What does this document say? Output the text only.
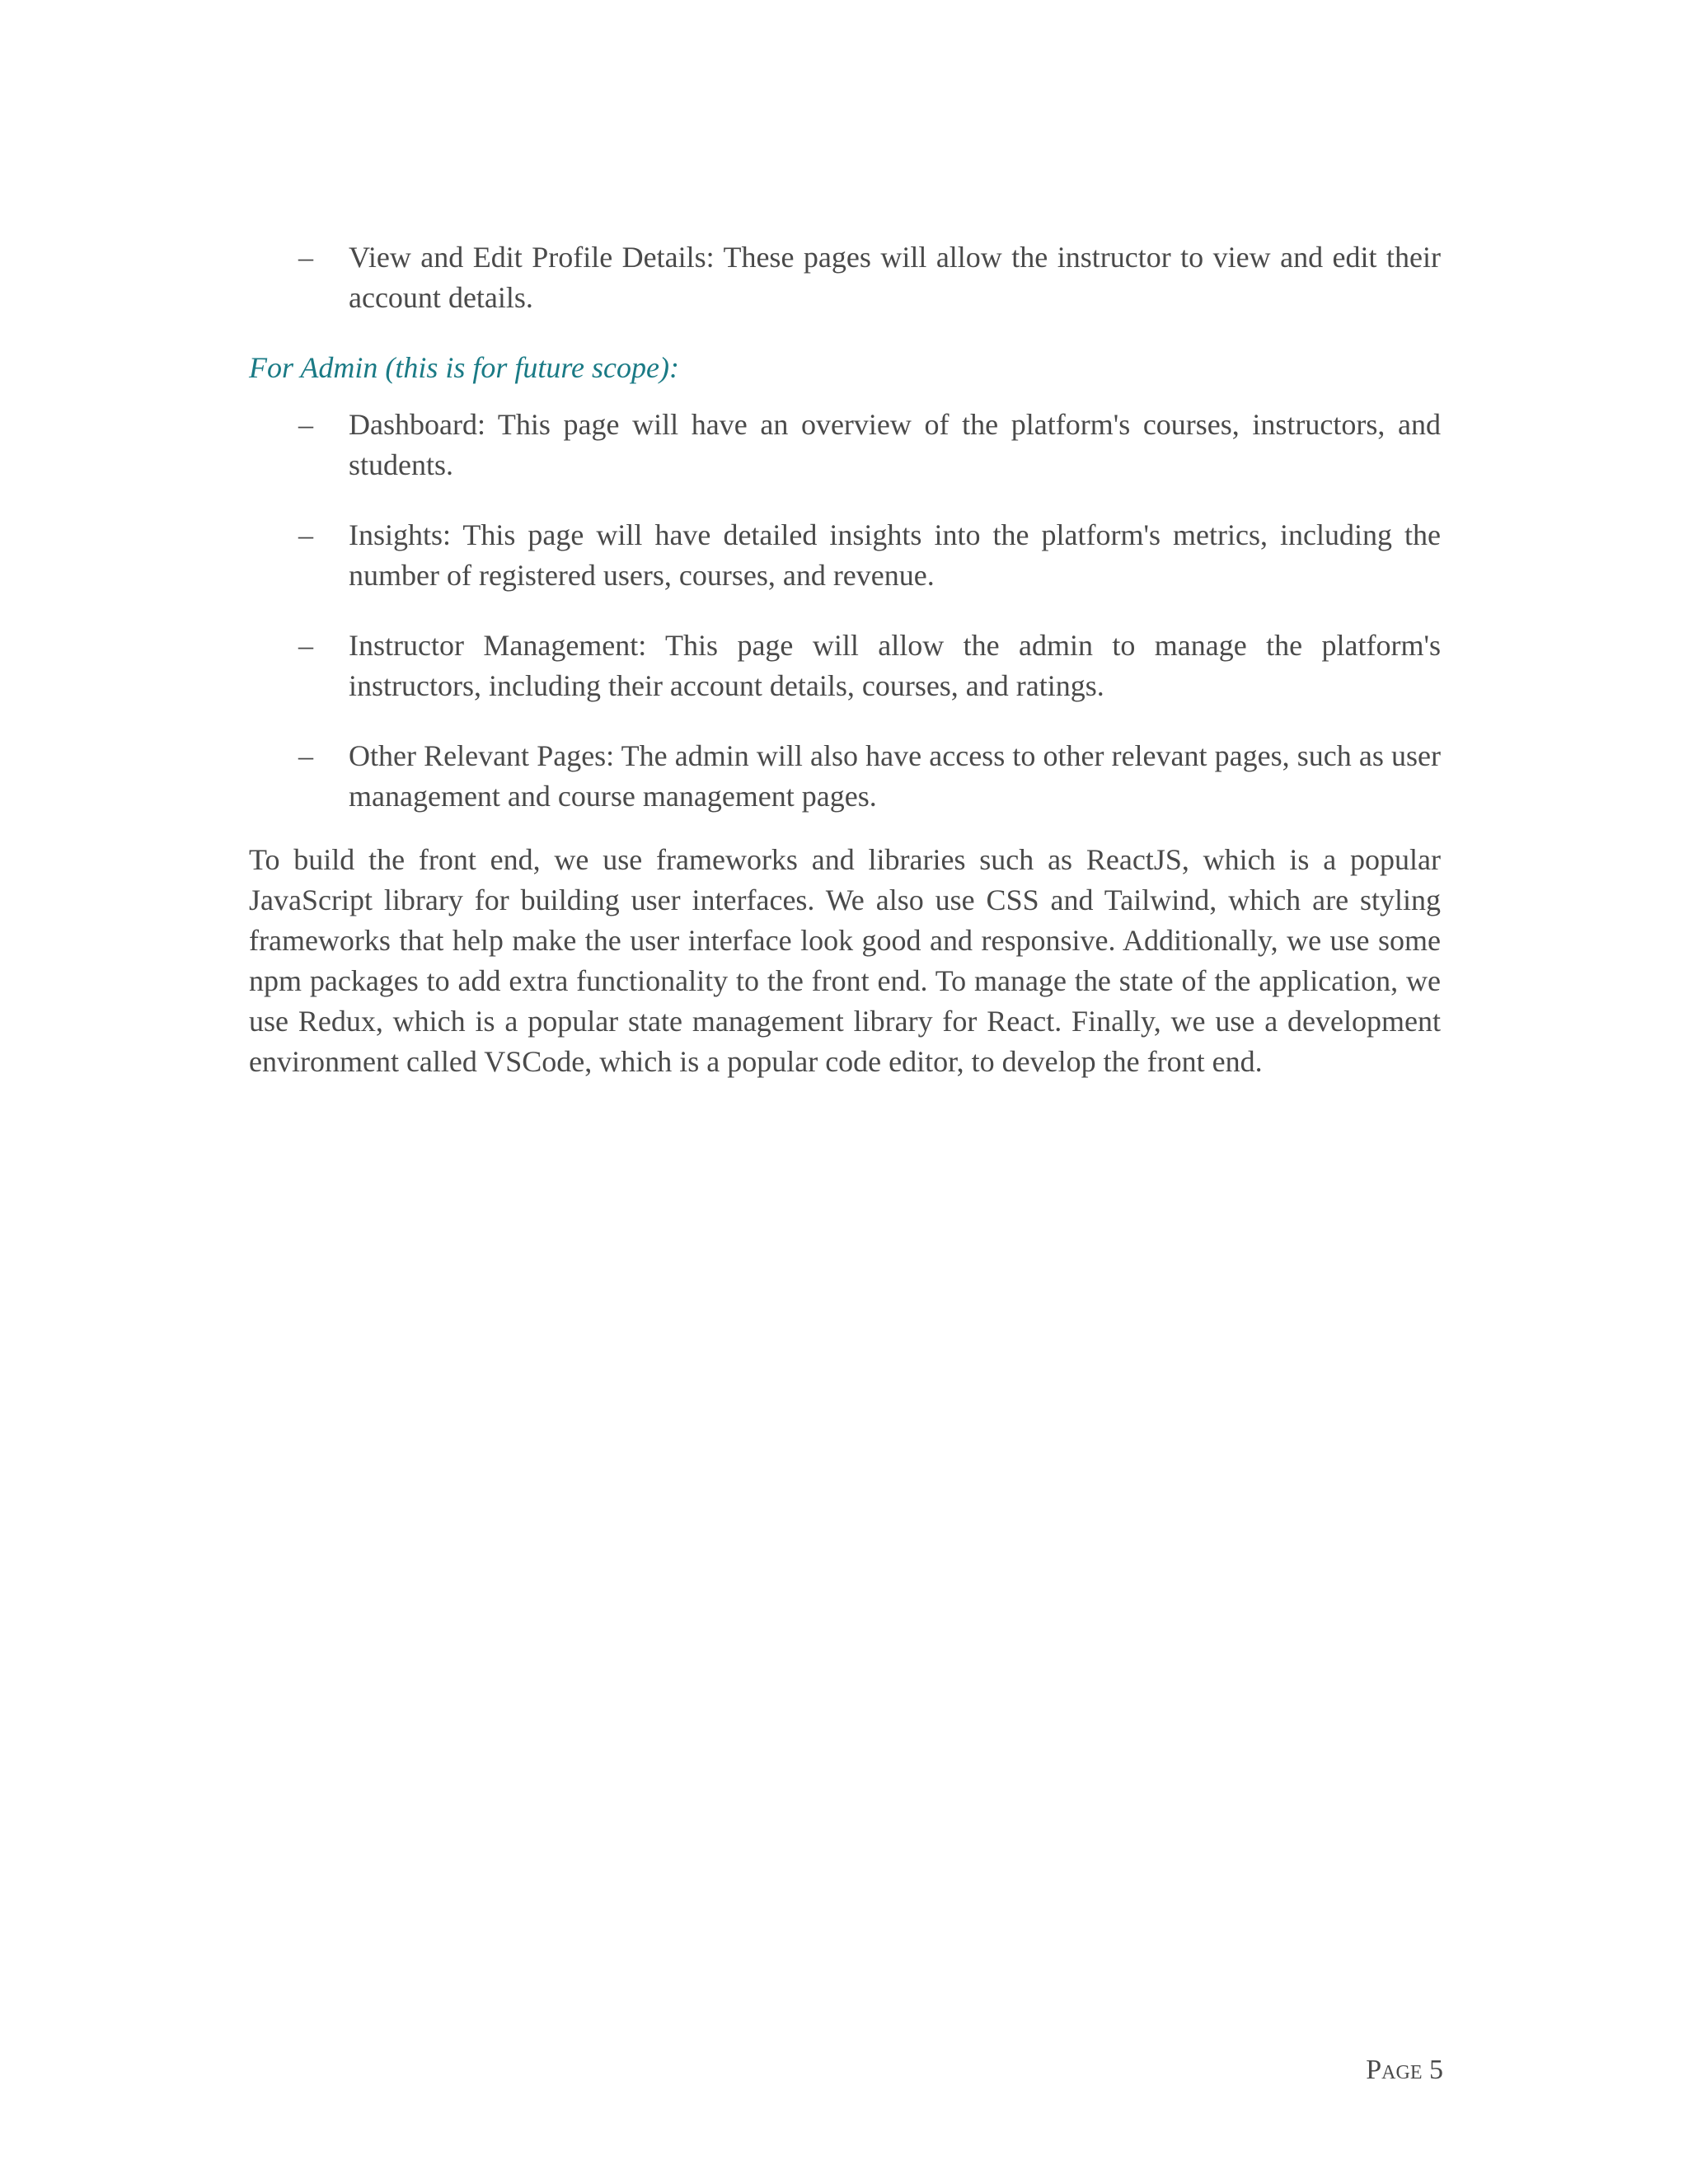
– View and Edit Profile Details: These pages will allow the instructor to view and edit their account details.
For Admin (this is for future scope):
– Dashboard: This page will have an overview of the platform's courses, instructors, and students.
– Insights: This page will have detailed insights into the platform's metrics, including the number of registered users, courses, and revenue.
– Instructor Management: This page will allow the admin to manage the platform's instructors, including their account details, courses, and ratings.
– Other Relevant Pages: The admin will also have access to other relevant pages, such as user management and course management pages.

To build the front end, we use frameworks and libraries such as ReactJS, which is a popular JavaScript library for building user interfaces. We also use CSS and Tailwind, which are styling frameworks that help make the user interface look good and responsive. Additionally, we use some npm packages to add extra functionality to the front end. To manage the state of the application, we use Redux, which is a popular state management library for React. Finally, we use a development environment called VSCode, which is a popular code editor, to develop the front end.

Page 5
